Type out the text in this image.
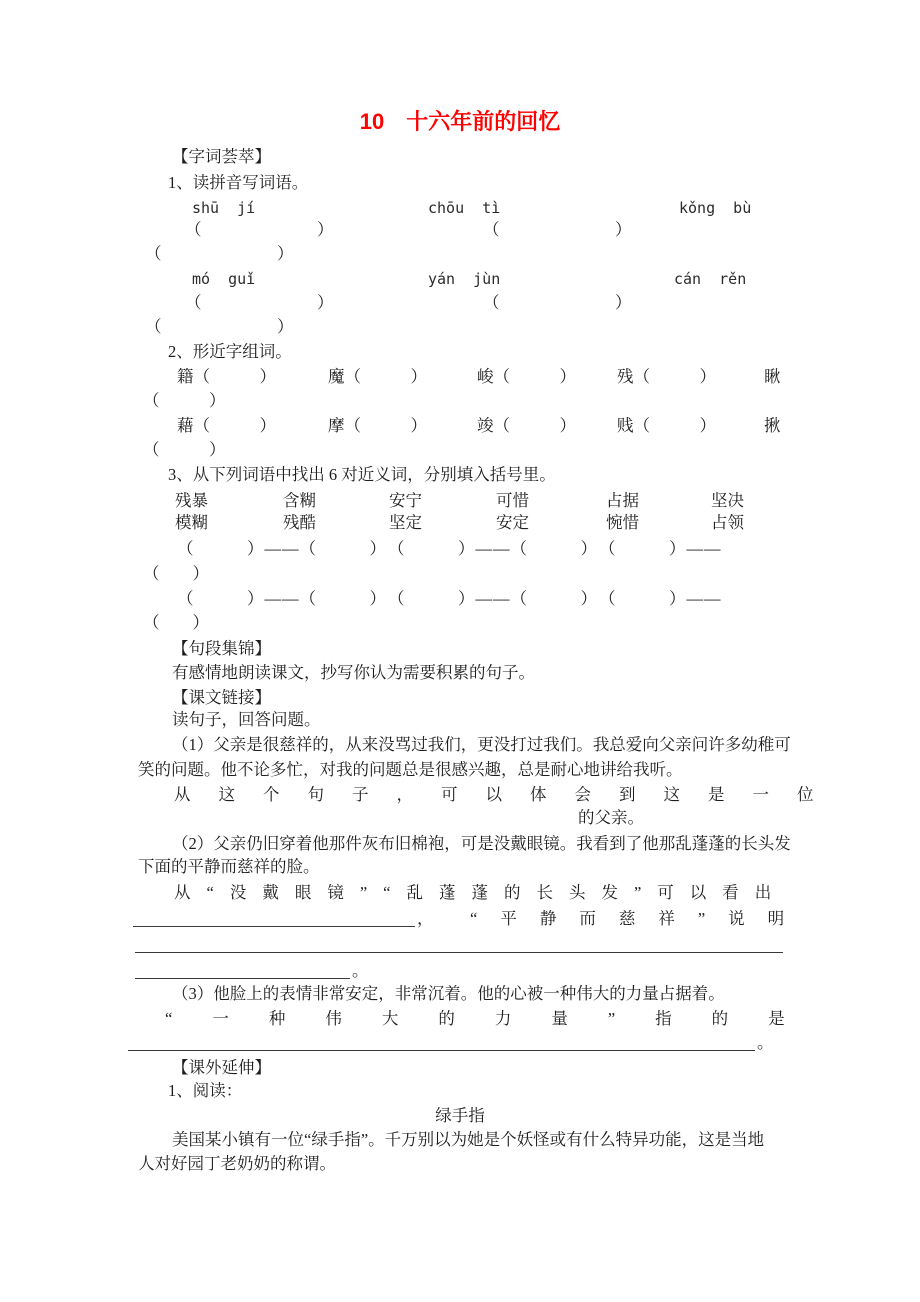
10　十六年前的回忆
【字词荟萃】
1、读拼音写词语。
shū  jí	chōu  tì	kǒng  bù
（　　　　　　　）	（　　　　　　　）
（　　　　　　　）
mó  guǐ	yán  jùn	cán  rěn
（　　　　　　　）	（　　　　　　　）
（　　　　　　　）
2、形近字组词。
籍（　　　）	魔（　　　）	峻（　　　） 残（　　　）	瞅
（　　　）
藉（　　　）	摩（　　　）	竣（　　　） 贱（　　　）	揪
（　　　）
3、从下列词语中找出 6 对近义词，分别填入括号里。
残暴	含糊	安宁	可惜	占据	坚决
模糊	残酷	坚定	安定	惋惜	占领
（　　　）——（　　　）　（　　　）——（　　　）　（　　　）——
（　　）
（　　　）——（　　　）　（　　　）——（　　　）　（　　　）——
（　　）
【句段集锦】
有感情地朗读课文，抄写你认为需要积累的句子。
【课文链接】
读句子，回答问题。
（1）父亲是很慈祥的，从来没骂过我们，更没打过我们。我总爱向父亲问许多幼稚可
笑的问题。他不论多忙，对我的问题总是很感兴趣，总是耐心地讲给我听。
从这个句子，可以体会到这是一位
的父亲。
（2）父亲仍旧穿着他那件灰布旧棉袍，可是没戴眼镜。我看到了他那乱蓬蓬的长头发
下面的平静而慈祥的脸。
从“没戴眼镜”“乱蓬蓬的长头发”可以看出
， “平静而慈祥”说明
。
（3）他脸上的表情非常安定，非常沉着。他的心被一种伟大的力量占据着。
“一种伟大的力量”指的是
。
【课外延伸】
1、阅读：
绿手指
美国某小镇有一位“绿手指”。千万别以为她是个妖怪或有什么特异功能，这是当地
人对好园丁老奶奶的称谓。
